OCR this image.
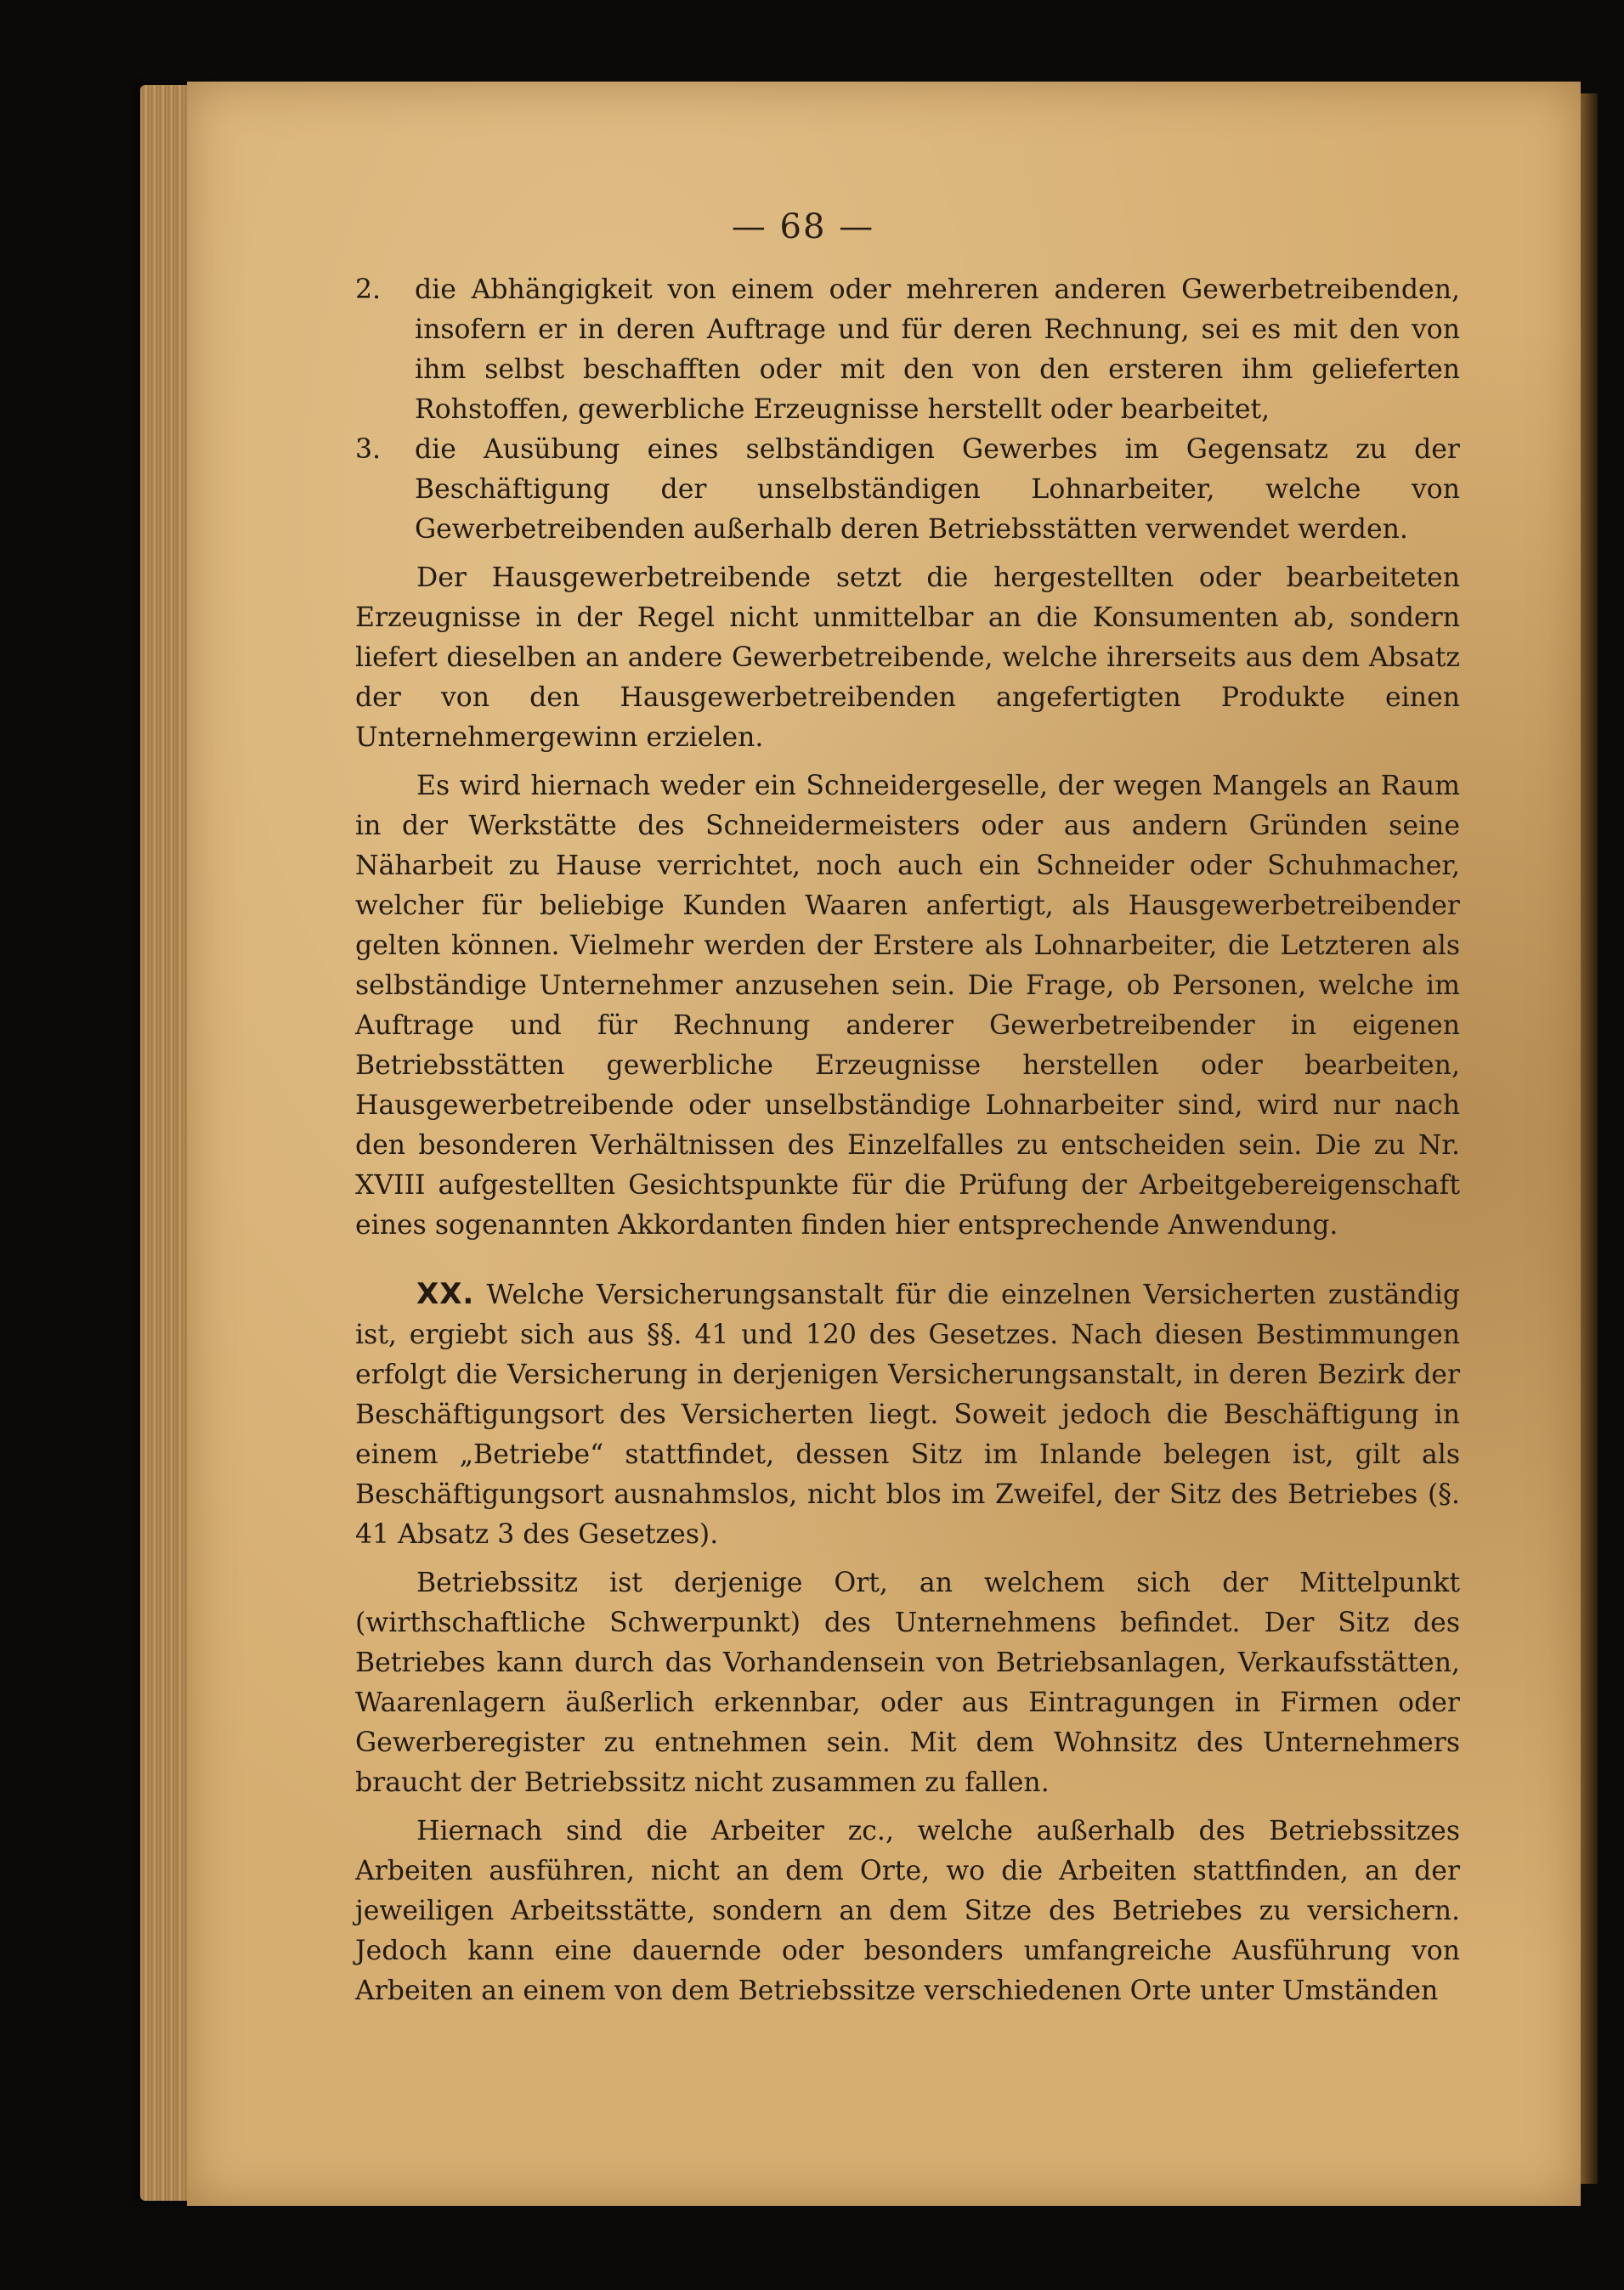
— 68 —
2. die Abhängigkeit von einem oder mehreren anderen Gewerbetreibenden, insofern er in deren Auftrage und für deren Rechnung, sei es mit den von ihm selbst beschafften oder mit den von den ersteren ihm gelieferten Rohstoffen, gewerbliche Erzeugnisse herstellt oder bearbeitet,

3. die Ausübung eines selbständigen Gewerbes im Gegensatz zu der Beschäftigung der unselbständigen Lohnarbeiter, welche von Gewerbetreibenden außerhalb deren Betriebsstätten verwendet werden.

Der Hausgewerbetreibende setzt die hergestellten oder bearbeiteten Erzeugnisse in der Regel nicht unmittelbar an die Konsumenten ab, sondern liefert dieselben an andere Gewerbetreibende, welche ihrerseits aus dem Absatz der von den Hausgewerbetreibenden angefertigten Produkte einen Unternehmergewinn erzielen.

Es wird hiernach weder ein Schneidergeselle, der wegen Mangels an Raum in der Werkstätte des Schneidermeisters oder aus andern Gründen seine Näharbeit zu Hause verrichtet, noch auch ein Schneider oder Schuhmacher, welcher für beliebige Kunden Waaren anfertigt, als Hausgewerbetreibender gelten können. Vielmehr werden der Erstere als Lohnarbeiter, die Letzteren als selbständige Unternehmer anzusehen sein. Die Frage, ob Personen, welche im Auftrage und für Rechnung anderer Gewerbetreibender in eigenen Betriebsstätten gewerbliche Erzeugnisse herstellen oder bearbeiten, Hausgewerbetreibende oder unselbständige Lohnarbeiter sind, wird nur nach den besonderen Verhältnissen des Einzelfalles zu entscheiden sein. Die zu Nr. XVIII aufgestellten Gesichtspunkte für die Prüfung der Arbeitgebereigenschaft eines sogenannten Akkordanten finden hier entsprechende Anwendung.

XX. Welche Versicherungsanstalt für die einzelnen Versicherten zuständig ist, ergiebt sich aus §§. 41 und 120 des Gesetzes. Nach diesen Bestimmungen erfolgt die Versicherung in derjenigen Versicherungsanstalt, in deren Bezirk der Beschäftigungsort des Versicherten liegt. Soweit jedoch die Beschäftigung in einem „Betriebe“ stattfindet, dessen Sitz im Inlande belegen ist, gilt als Beschäftigungsort ausnahmslos, nicht blos im Zweifel, der Sitz des Betriebes (§. 41 Absatz 3 des Gesetzes).

Betriebssitz ist derjenige Ort, an welchem sich der Mittelpunkt (wirthschaftliche Schwerpunkt) des Unternehmens befindet. Der Sitz des Betriebes kann durch das Vorhandensein von Betriebsanlagen, Verkaufsstätten, Waarenlagern äußerlich erkennbar, oder aus Eintragungen in Firmen oder Gewerberegister zu entnehmen sein. Mit dem Wohnsitz des Unternehmers braucht der Betriebssitz nicht zusammen zu fallen.

Hiernach sind die Arbeiter zc., welche außerhalb des Betriebssitzes Arbeiten ausführen, nicht an dem Orte, wo die Arbeiten stattfinden, an der jeweiligen Arbeitsstätte, sondern an dem Sitze des Betriebes zu versichern. Jedoch kann eine dauernde oder besonders umfangreiche Ausführung von Arbeiten an einem von dem Betriebssitze verschiedenen Orte unter Umständen
